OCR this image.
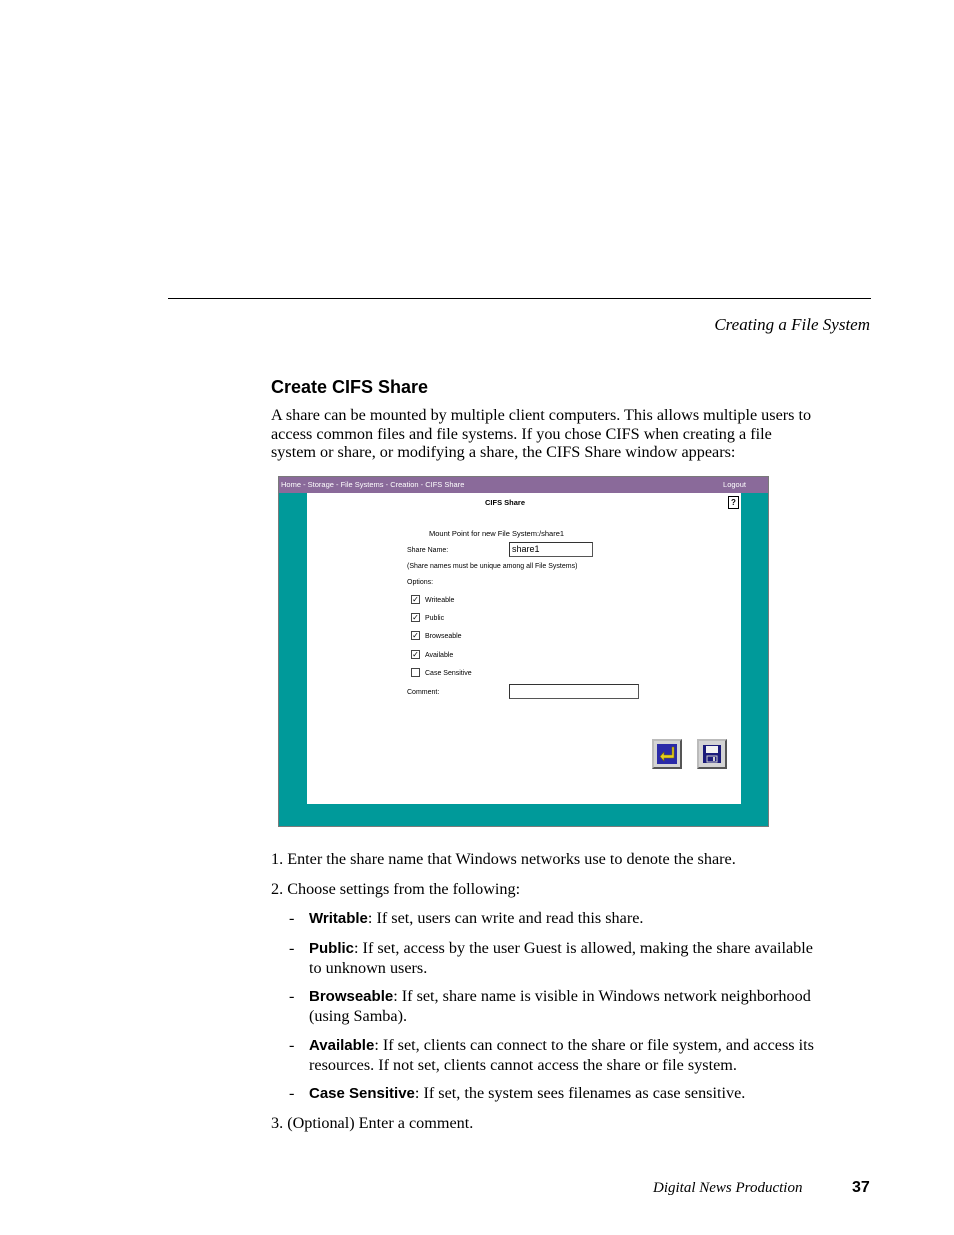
Creating a File System
Create CIFS Share

A share can be mounted by multiple client computers. This allows multiple users to access common files and file systems. If you chose CIFS when creating a file system or share, or modifying a share, the CIFS Share window appears:

Home - Storage - File Systems - Creation - CIFS Share	Logout
CIFS Share	?
Mount Point for new File System:/share1
Share Name:	share1
(Share names must be unique among all File Systems)
Options:
✓ Writeable
✓ Public
✓ Browseable
✓ Available
Case Sensitive
Comment:

1. Enter the share name that Windows networks use to denote the share.

2. Choose settings from the following:

- Writable: If set, users can write and read this share.
- Public: If set, access by the user Guest is allowed, making the share available to unknown users.
- Browseable: If set, share name is visible in Windows network neighborhood (using Samba).
- Available: If set, clients can connect to the share or file system, and access its resources. If not set, clients cannot access the share or file system.
- Case Sensitive: If set, the system sees filenames as case sensitive.

3. (Optional) Enter a comment.

Digital News Production	37
